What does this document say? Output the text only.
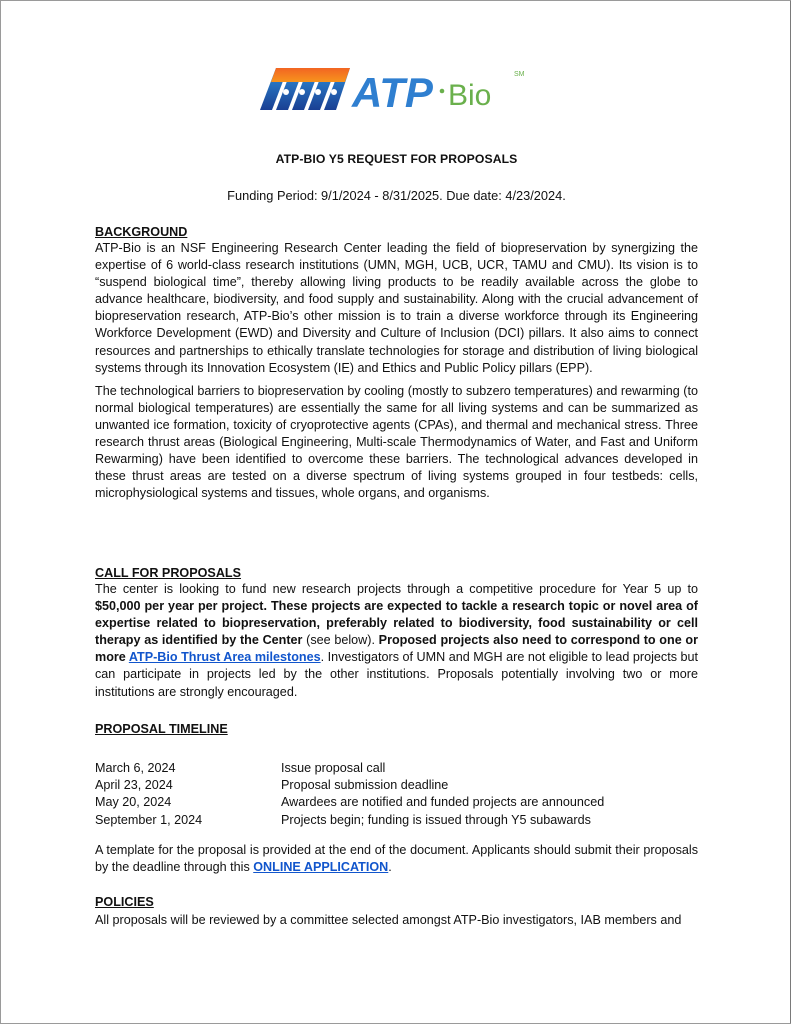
ATP Bio
SM
ATP-BIO Y5 REQUEST FOR PROPOSALS
Funding Period: 9/1/2024 - 8/31/2025. Due date: 4/23/2024.
BACKGROUND

ATP-Bio is an NSF Engineering Research Center leading the field of biopreservation by synergizing the expertise of 6 world-class research institutions (UMN, MGH, UCB, UCR, TAMU and CMU). Its vision is to “suspend biological time”, thereby allowing living products to be readily available across the globe to advance healthcare, biodiversity, and food supply and sustainability. Along with the crucial advancement of biopreservation research, ATP-Bio’s other mission is to train a diverse workforce through its Engineering Workforce Development (EWD) and Diversity and Culture of Inclusion (DCI) pillars. It also aims to connect resources and partnerships to ethically translate technologies for storage and distribution of living biological systems through its Innovation Ecosystem (IE) and Ethics and Public Policy pillars (EPP).

The technological barriers to biopreservation by cooling (mostly to subzero temperatures) and rewarming (to normal biological temperatures) are essentially the same for all living systems and can be summarized as unwanted ice formation, toxicity of cryoprotective agents (CPAs), and thermal and mechanical stress. Three research thrust areas (Biological Engineering, Multi-scale Thermodynamics of Water, and Fast and Uniform Rewarming) have been identified to overcome these barriers. The technological advances developed in these thrust areas are tested on a diverse spectrum of living systems grouped in four testbeds: cells, microphysiological systems and tissues, whole organs, and organisms.

CALL FOR PROPOSALS

The center is looking to fund new research projects through a competitive procedure for Year 5 up to $50,000 per year per project. These projects are expected to tackle a research topic or novel area of expertise related to biopreservation, preferably related to biodiversity, food sustainability or cell therapy as identified by the Center (see below). Proposed projects also need to correspond to one or more ATP-Bio Thrust Area milestones. Investigators of UMN and MGH are not eligible to lead projects but can participate in projects led by the other institutions. Proposals potentially involving two or more institutions are strongly encouraged.

PROPOSAL TIMELINE
March 6, 2024	Issue proposal call
April 23, 2024	Proposal submission deadline
May 20, 2024	Awardees are notified and funded projects are announced
September 1, 2024	Projects begin; funding is issued through Y5 subawards

A template for the proposal is provided at the end of the document. Applicants should submit their proposals by the deadline through this ONLINE APPLICATION.

POLICIES

All proposals will be reviewed by a committee selected amongst ATP-Bio investigators, IAB members and
